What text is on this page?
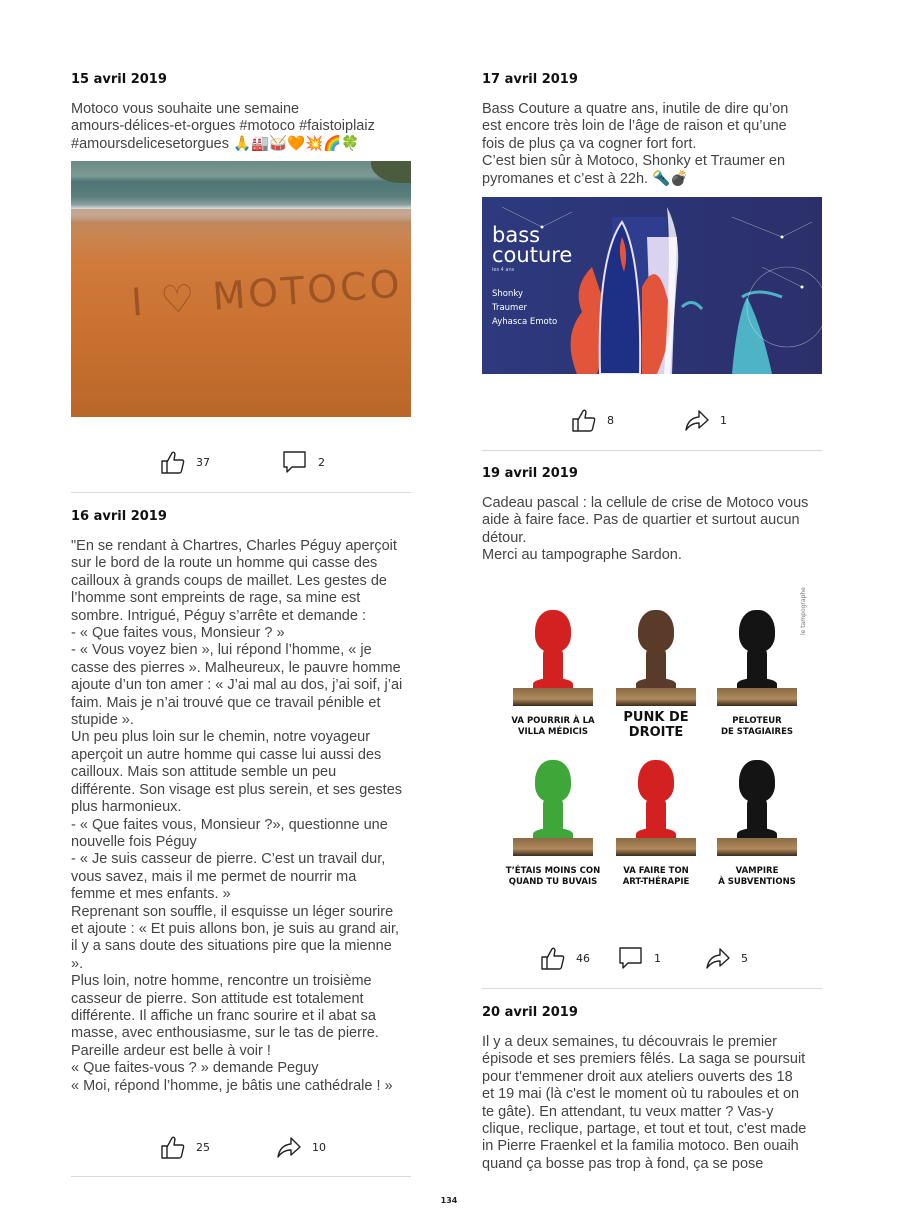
15 avril 2019
Motoco vous souhaite une semaine
amours-délices-et-orgues #motoco #faistoiplaiz
#amoursdelicesetorgues 🙏🏭🥁🧡💥🌈🍀
I ♡ MOTOCO
37	2
16 avril 2019
"En se rendant à Chartres, Charles Péguy aperçoit
sur le bord de la route un homme qui casse des
cailloux à grands coups de maillet. Les gestes de
l’homme sont empreints de rage, sa mine est
sombre. Intrigué, Péguy s’arrête et demande :
- « Que faites vous, Monsieur ? »
- « Vous voyez bien », lui répond l’homme, « je
casse des pierres ». Malheureux, le pauvre homme
ajoute d’un ton amer : « J’ai mal au dos, j’ai soif, j’ai
faim. Mais je n’ai trouvé que ce travail pénible et
stupide ».
Un peu plus loin sur le chemin, notre voyageur
aperçoit un autre homme qui casse lui aussi des
cailloux. Mais son attitude semble un peu
différente. Son visage est plus serein, et ses gestes
plus harmonieux.
- « Que faites vous, Monsieur ?», questionne une
nouvelle fois Péguy
- « Je suis casseur de pierre. C’est un travail dur,
vous savez, mais il me permet de nourrir ma
femme et mes enfants. »
Reprenant son souffle, il esquisse un léger sourire
et ajoute : « Et puis allons bon, je suis au grand air,
il y a sans doute des situations pire que la mienne
».
Plus loin, notre homme, rencontre un troisième
casseur de pierre. Son attitude est totalement
différente. Il affiche un franc sourire et il abat sa
masse, avec enthousiasme, sur le tas de pierre.
Pareille ardeur est belle à voir !
« Que faites-vous ? » demande Peguy
« Moi, répond l’homme, je bâtis une cathédrale ! »
25	10
17 avril 2019
Bass Couture a quatre ans, inutile de dire qu’on
est encore très loin de l’âge de raison et qu’une
fois de plus ça va cogner fort fort.
C’est bien sûr à Motoco, Shonky et Traumer en
pyromanes et c’est à 22h. 🔦💣
bass
couture
les 4 ans
Shonky
Traumer
Ayhasca Emoto
8	1
19 avril 2019
Cadeau pascal : la cellule de crise de Motoco vous
aide à faire face. Pas de quartier et surtout aucun
détour.
Merci au tampographe Sardon.
le tampographe
VA POURRIR À LA
VILLA MÉDICIS
PUNK DE
DROITE
PELOTEUR
DE STAGIAIRES
T’ÉTAIS MOINS CON
QUAND TU BUVAIS
VA FAIRE TON
ART-THÉRAPIE
VAMPIRE
À SUBVENTIONS
46	1	5
20 avril 2019
Il y a deux semaines, tu découvrais le premier
épisode et ses premiers fêlés. La saga se poursuit
pour t'emmener droit aux ateliers ouverts des 18
et 19 mai (là c'est le moment où tu raboules et on
te gâte). En attendant, tu veux matter ? Vas-y
clique, reclique, partage, et tout et tout, c'est made
in Pierre Fraenkel et la familia motoco. Ben ouaih
quand ça bosse pas trop à fond, ça se pose
134
